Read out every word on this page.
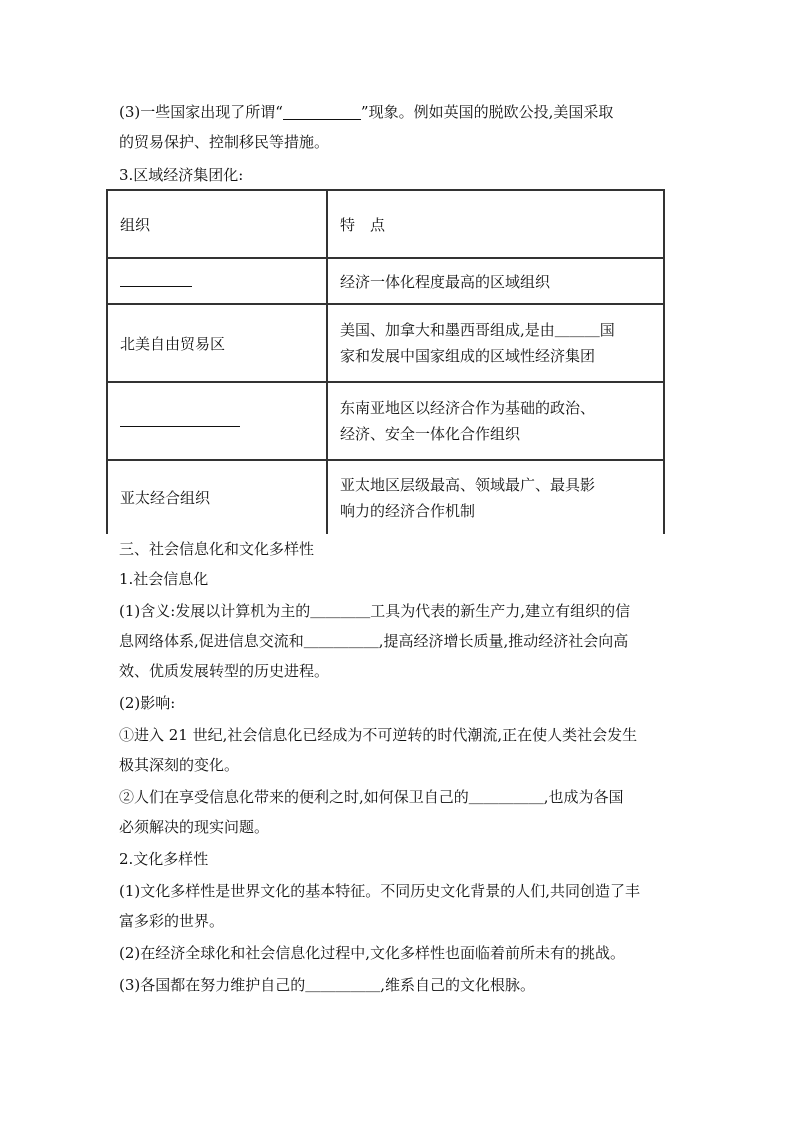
(3)一些国家出现了所谓“	”现象。例如英国的脱欧公投,美国采取
的贸易保护、控制移民等措施。
3.区域经济集团化:
组织	特　点
	经济一体化程度最高的区域组织
北美自由贸易区	美国、加拿大和墨西哥组成,是由＿＿＿国
家和发展中国家组成的区域性经济集团

	东南亚地区以经济合作为基础的政治、
经济、安全一体化合作组织

亚太经合组织	亚太地区层级最高、领域最广、最具影
响力的经济合作机制
三、社会信息化和文化多样性
1.社会信息化
(1)含义:发展以计算机为主的＿＿＿＿工具为代表的新生产力,建立有组织的信
息网络体系,促进信息交流和＿＿＿＿＿,提高经济增长质量,推动经济社会向高
效、优质发展转型的历史进程。
(2)影响:
①进入 21 世纪,社会信息化已经成为不可逆转的时代潮流,正在使人类社会发生
极其深刻的变化。
②人们在享受信息化带来的便利之时,如何保卫自己的＿＿＿＿＿,也成为各国
必须解决的现实问题。
2.文化多样性
(1)文化多样性是世界文化的基本特征。不同历史文化背景的人们,共同创造了丰
富多彩的世界。
(2)在经济全球化和社会信息化过程中,文化多样性也面临着前所未有的挑战。
(3)各国都在努力维护自己的＿＿＿＿＿,维系自己的文化根脉。
